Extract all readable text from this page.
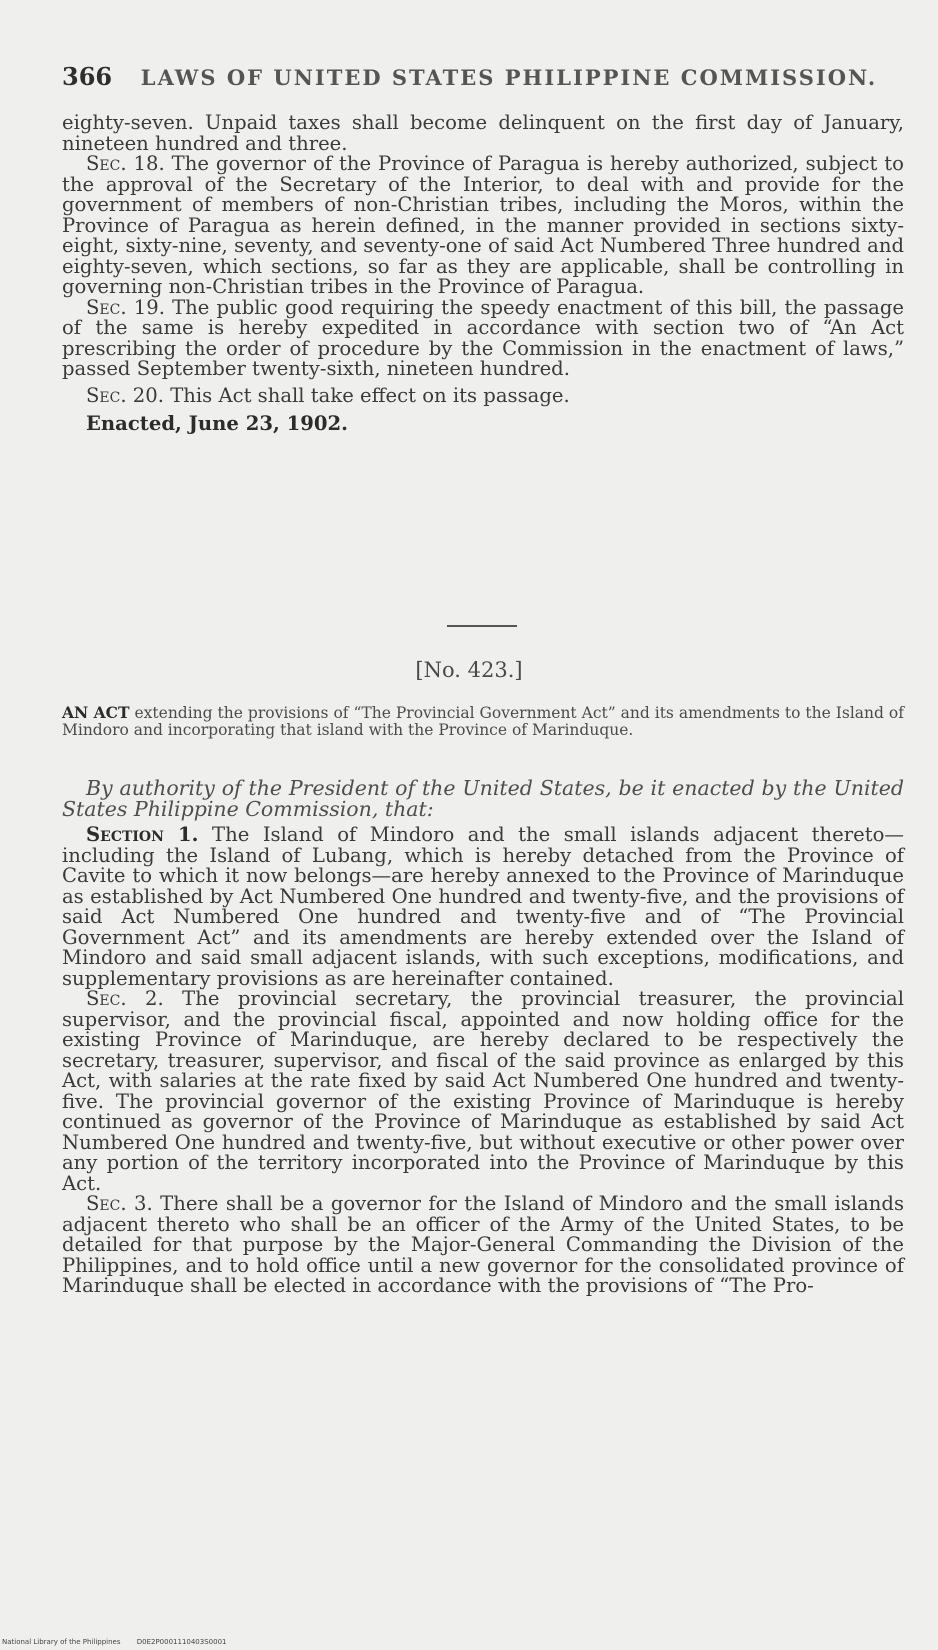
366 LAWS OF UNITED STATES PHILIPPINE COMMISSION.

eighty-seven. Unpaid taxes shall become delinquent on the first day of January, nineteen hundred and three.

Sec. 18. The governor of the Province of Paragua is hereby authorized, subject to the approval of the Secretary of the Interior, to deal with and provide for the government of members of non-Christian tribes, including the Moros, within the Province of Paragua as herein defined, in the manner provided in sections sixty-eight, sixty-nine, seventy, and seventy-one of said Act Numbered Three hundred and eighty-seven, which sections, so far as they are applicable, shall be controlling in governing non-Christian tribes in the Province of Paragua.

Sec. 19. The public good requiring the speedy enactment of this bill, the passage of the same is hereby expedited in accordance with section two of “An Act prescribing the order of procedure by the Commission in the enactment of laws,” passed September twenty-sixth, nineteen hundred.

Sec. 20. This Act shall take effect on its passage.

Enacted, June 23, 1902.

[No. 423.]
AN ACT extending the provisions of “The Provincial Government Act” and its amendments to the Island of Mindoro and incorporating that island with the Province of Marinduque.
By authority of the President of the United States, be it enacted by the United States Philippine Commission, that:

Section 1. The Island of Mindoro and the small islands adjacent thereto—including the Island of Lubang, which is hereby detached from the Province of Cavite to which it now belongs—are hereby annexed to the Province of Marinduque as established by Act Numbered One hundred and twenty-five, and the provisions of said Act Numbered One hundred and twenty-five and of “The Provincial Government Act” and its amendments are hereby extended over the Island of Mindoro and said small adjacent islands, with such exceptions, modifications, and supplementary provisions as are hereinafter contained.

Sec. 2. The provincial secretary, the provincial treasurer, the provincial supervisor, and the provincial fiscal, appointed and now holding office for the existing Province of Marinduque, are hereby declared to be respectively the secretary, treasurer, supervisor, and fiscal of the said province as enlarged by this Act, with salaries at the rate fixed by said Act Numbered One hundred and twenty-five. The provincial governor of the existing Province of Marinduque is hereby continued as governor of the Province of Marinduque as established by said Act Numbered One hundred and twenty-five, but without executive or other power over any portion of the territory incorporated into the Province of Marinduque by this Act.

Sec. 3. There shall be a governor for the Island of Mindoro and the small islands adjacent thereto who shall be an officer of the Army of the United States, to be detailed for that purpose by the Major-General Commanding the Division of the Philippines, and to hold office until a new governor for the consolidated province of Marinduque shall be elected in accordance with the provisions of “The Pro-

National Library of the Philippines D0E2P0001110403S0001
